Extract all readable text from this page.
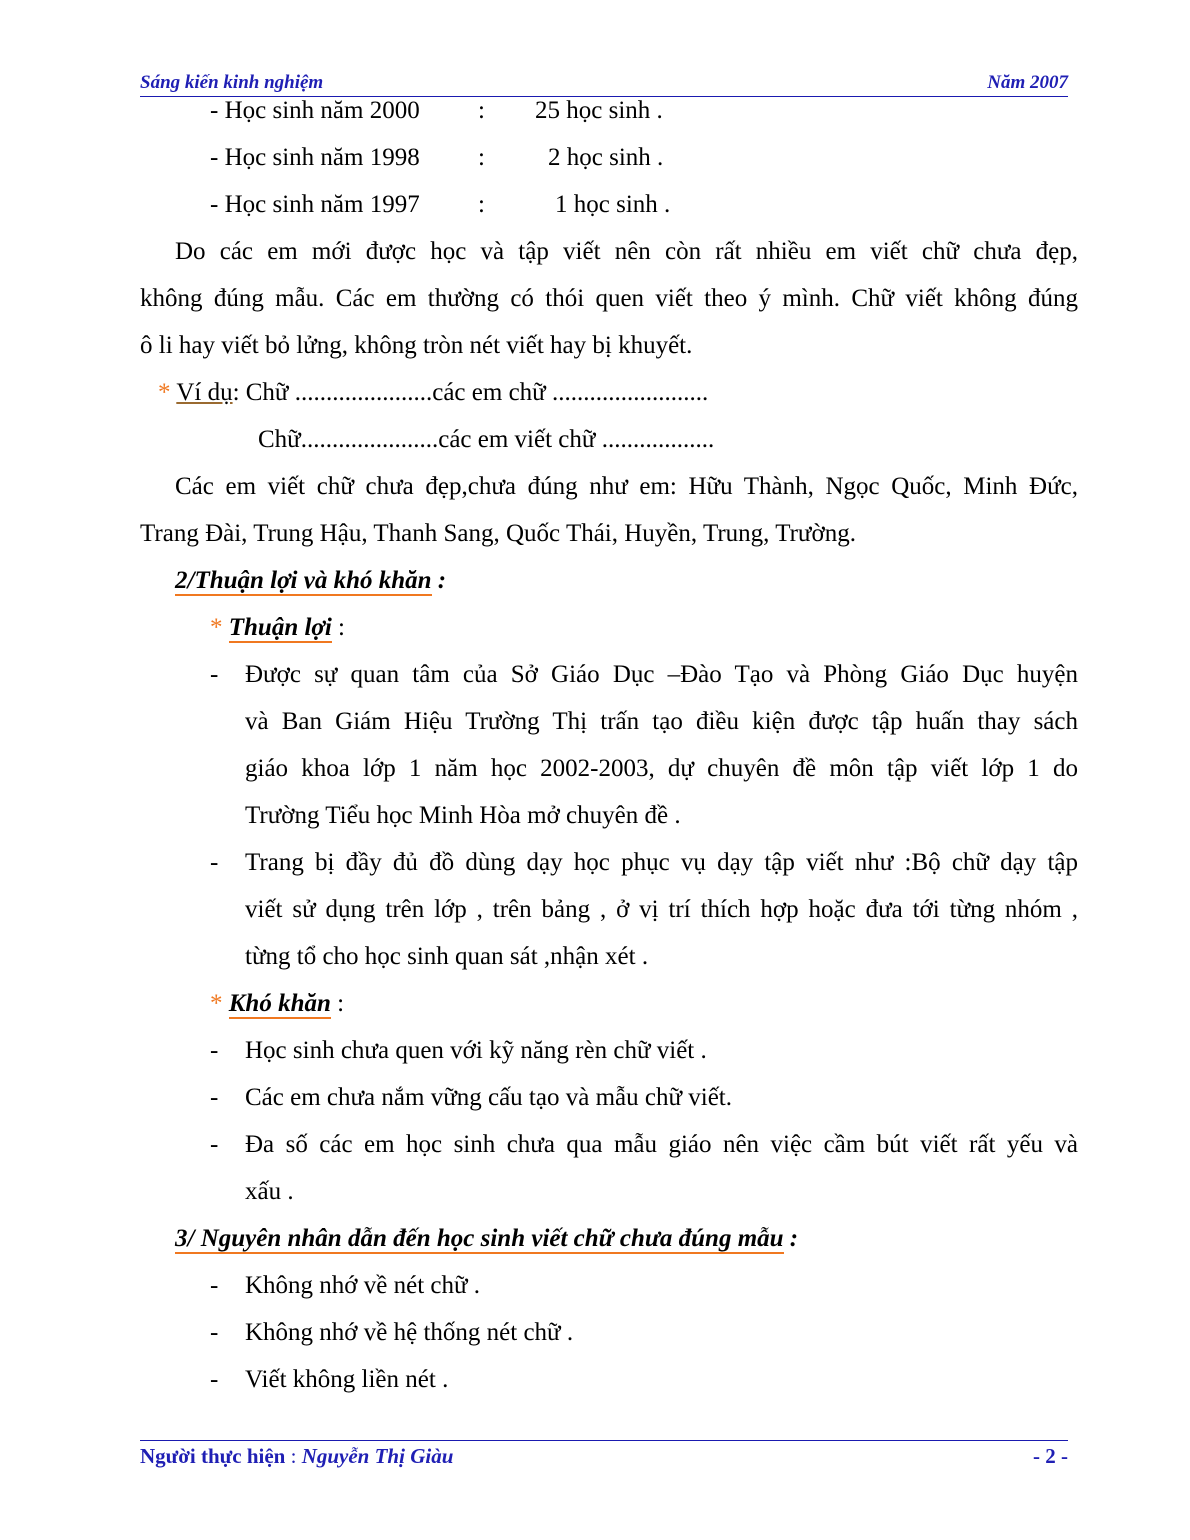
Sáng kiến kinh nghiệm	Năm 2007
- Học sinh năm 2000 : 25 học sinh .
- Học sinh năm 1998 :	2 học sinh .
- Học sinh năm 1997 :	1 học sinh .
Do các em mới được học và tập viết nên còn rất nhiều em viết chữ chưa đẹp,
không đúng mẫu. Các em thường có thói quen viết theo ý mình. Chữ viết không đúng
ô li hay viết bỏ lửng, không tròn nét viết hay bị khuyết.
* Ví dụ: Chữ ......................các em chữ .........................
Chữ......................các em viết chữ ..................
Các em viết chữ chưa đẹp,chưa đúng như em: Hữu Thành, Ngọc Quốc, Minh Đức,
Trang Đài, Trung Hậu, Thanh Sang, Quốc Thái, Huyền, Trung, Trường.
2/Thuận lợi và khó khăn :
* Thuận lợi :
- Được sự quan tâm của Sở Giáo Dục –Đào Tạo và Phòng Giáo Dục huyện
và Ban Giám Hiệu Trường Thị trấn tạo điều kiện được tập huấn thay sách
giáo khoa lớp 1 năm học 2002-2003, dự chuyên đề môn tập viết lớp 1 do
Trường Tiểu học Minh Hòa mở chuyên đề .
- Trang bị đầy đủ đồ dùng dạy học phục vụ dạy tập viết như :Bộ chữ dạy tập
viết sử dụng trên lớp , trên bảng , ở vị trí thích hợp hoặc đưa tới từng nhóm ,
từng tổ cho học sinh quan sát ,nhận xét .
* Khó khăn :
- Học sinh chưa quen với kỹ năng rèn chữ viết .
- Các em chưa nắm vững cấu tạo và mẫu chữ viết.
- Đa số các em học sinh chưa qua mẫu giáo nên việc cầm bút viết rất yếu và
xấu .
3/ Nguyên nhân dẫn đến học sinh viết chữ chưa đúng mẫu :
- Không nhớ về nét chữ .
- Không nhớ về hệ thống nét chữ .
- Viết không liền nét .
Người thực hiện : Nguyễn Thị Giàu	- 2 -
